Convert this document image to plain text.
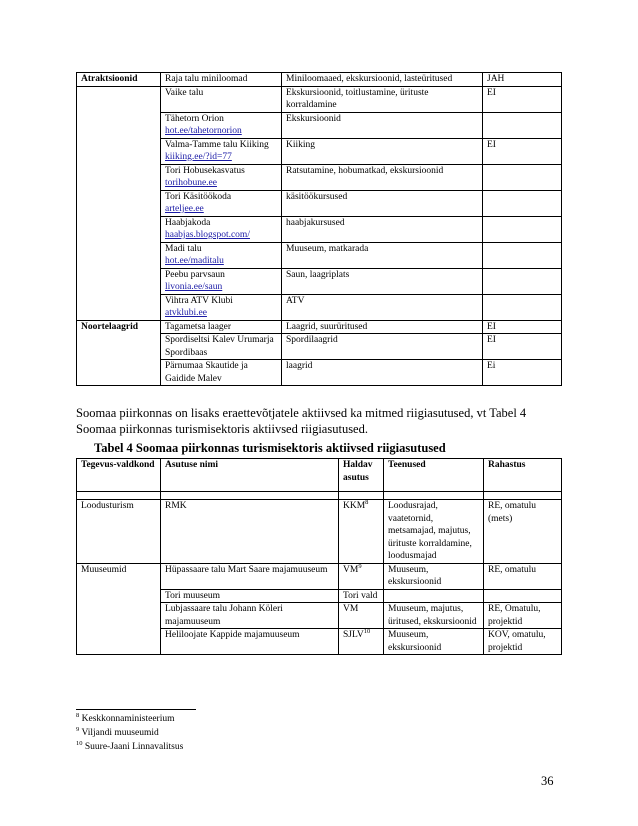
Atraktsioonid	Raja talu miniloomad	Miniloomaaed, ekskursioonid, lasteüritused	JAH
	Vaike talu	Ekskursioonid, toitlustamine, ürituste korraldamine	EI
	Tähetorn Orion
hot.ee/tahetornorion	Ekskursioonid	
	Valma-Tamme talu Kiiking
kiiking.ee/?id=77	Kiiking	EI
	Tori Hobusekasvatus
torihobune.ee	Ratsutamine, hobumatkad, ekskursioonid	
	Tori Käsitöökoda
arteljee.ee	käsitöökursused	
	Haabjakoda
haabjas.blogspot.com/	haabjakursused	
	Madi talu
hot.ee/maditalu	Muuseum, matkarada	
	Peebu parvsaun
livonia.ee/saun	Saun, laagriplats	
	Vihtra ATV Klubi
atvklubi.ee	ATV	
Noortelaagrid	Tagametsa laager	Laagrid, suurüritused	EI
	Spordiseltsi Kalev Urumarja Spordibaas	Spordilaagrid	EI
	Pärnumaa Skautide ja Gaidide Malev	laagrid	Ei

Soomaa piirkonnas on lisaks eraettevõtjatele aktiivsed ka mitmed riigiasutused, vt Tabel 4 Soomaa piirkonnas turismisektoris aktiivsed riigiasutused.

Tabel 4 Soomaa piirkonnas turismisektoris aktiivsed riigiasutused

Tegevus-valdkond	Asutuse nimi	Haldav asutus	Teenused	Rahastus

Loodusturism	RMK	KKM$^8$	Loodusrajad, vaatetornid, metsamajad, majutus, ürituste korraldamine, loodusmajad	RE, omatulu (mets)
Muuseumid	Hüpassaare talu Mart Saare majamuuseum	$VM^9$	Muuseum, ekskursioonid	RE, omatulu
	Tori muuseum	Tori vald		
	Lubjassaare talu Johann Köleri majamuuseum	VM	Muuseum, majutus, üritused, ekskursioonid	RE, Omatulu, projektid
	Heliloojate Kappide majamuuseum	SJLV$^{10}$	Muuseum, ekskursioonid	KOV, omatulu, projektid
$^8$ Keskkonnaministeerium
$^9$ Viljandi muuseumid
$^{10}$ Suure-Jaani Linnavalitsus
36
